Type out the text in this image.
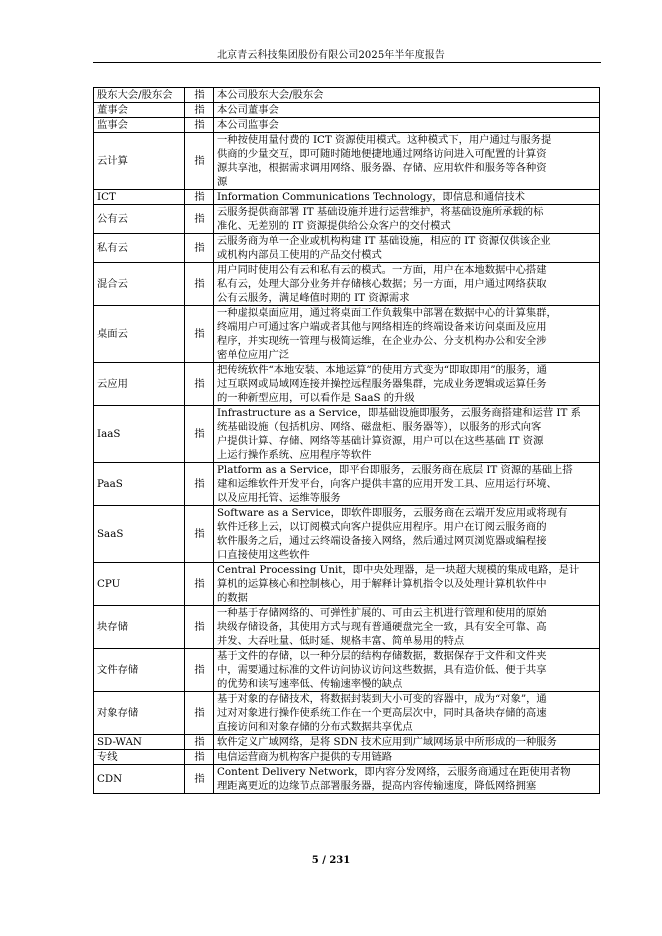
北京青云科技集团股份有限公司2025年半年度报告
股东大会/股东会	指	本公司股东大会/股东会

董事会	指	本公司董事会

监事会	指	本公司监事会

云计算	指	一种按使用量付费的 ICT 资源使用模式。这种模式下，用户通过与服务提
供商的少量交互，即可随时随地便捷地通过网络访问进入可配置的计算资
源共享池，根据需求调用网络、服务器、存储、应用软件和服务等各种资
源

ICT	指	Information Communications Technology，即信息和通信技术

公有云	指	云服务提供商部署 IT 基础设施并进行运营维护，将基础设施所承载的标
准化、无差别的 IT 资源提供给公众客户的交付模式

私有云	指	云服务商为单一企业或机构构建 IT 基础设施，相应的 IT 资源仅供该企业
或机构内部员工使用的产品交付模式

混合云	指	用户同时使用公有云和私有云的模式。一方面，用户在本地数据中心搭建
私有云，处理大部分业务并存储核心数据；另一方面，用户通过网络获取
公有云服务，满足峰值时期的 IT 资源需求

桌面云	指	一种虚拟桌面应用，通过将桌面工作负载集中部署在数据中心的计算集群，
终端用户可通过客户端或者其他与网络相连的终端设备来访问桌面及应用
程序，并实现统一管理与极简运维，在企业办公、分支机构办公和安全涉
密单位应用广泛

云应用	指	把传统软件“本地安装、本地运算”的使用方式变为“即取即用”的服务，通
过互联网或局域网连接并操控远程服务器集群，完成业务逻辑或运算任务
的一种新型应用，可以看作是 SaaS 的升级

IaaS	指	Infrastructure as a Service，即基础设施即服务，云服务商搭建和运营 IT 系
统基础设施（包括机房、网络、磁盘柜、服务器等），以服务的形式向客
户提供计算、存储、网络等基础计算资源，用户可以在这些基础 IT 资源
上运行操作系统、应用程序等软件

PaaS	指	Platform as a Service，即平台即服务，云服务商在底层 IT 资源的基础上搭
建和运维软件开发平台，向客户提供丰富的应用开发工具、应用运行环境、
以及应用托管、运维等服务

SaaS	指	Software as a Service，即软件即服务，云服务商在云端开发应用或将现有
软件迁移上云，以订阅模式向客户提供应用程序。用户在订阅云服务商的
软件服务之后，通过云终端设备接入网络，然后通过网页浏览器或编程接
口直接使用这些软件

CPU	指	Central Processing Unit，即中央处理器，是一块超大规模的集成电路，是计
算机的运算核心和控制核心，用于解释计算机指令以及处理计算机软件中
的数据

块存储	指	一种基于存储网络的、可弹性扩展的、可由云主机进行管理和使用的原始
块级存储设备，其使用方式与现有普通硬盘完全一致，具有安全可靠、高
并发、大吞吐量、低时延、规格丰富、简单易用的特点

文件存储	指	基于文件的存储，以一种分层的结构存储数据，数据保存于文件和文件夹
中，需要通过标准的文件访问协议访问这些数据，具有造价低、便于共享
的优势和读写速率低、传输速率慢的缺点

对象存储	指	基于对象的存储技术，将数据封装到大小可变的容器中，成为“对象”，通
过对对象进行操作使系统工作在一个更高层次中，同时具备块存储的高速
直接访问和对象存储的分布式数据共享优点

SD-WAN	指	软件定义广域网络，是将 SDN 技术应用到广域网场景中所形成的一种服务

专线	指	电信运营商为机构客户提供的专用链路

CDN	指	Content Delivery Network，即内容分发网络，云服务商通过在距使用者物
理距离更近的边缘节点部署服务器，提高内容传输速度，降低网络拥塞
5 / 231
